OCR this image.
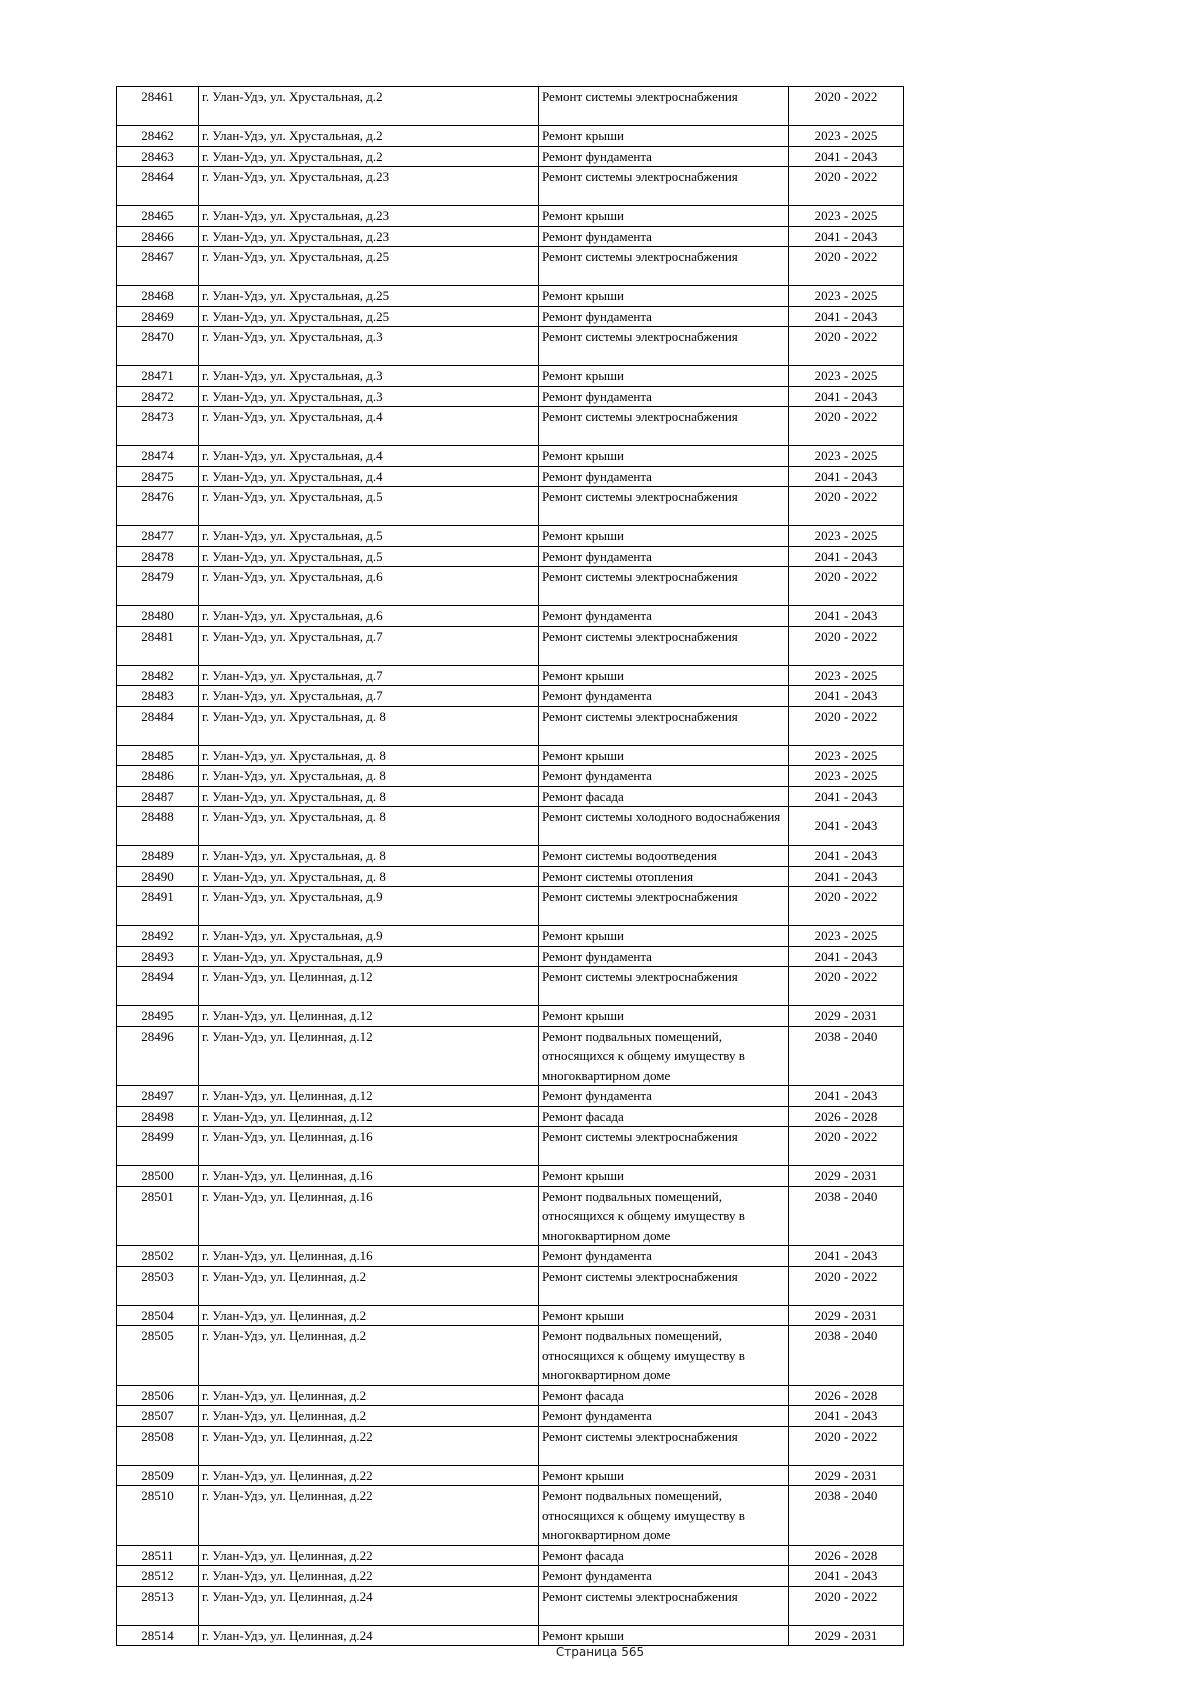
28461	г. Улан-Удэ, ул. Хрустальная, д.2	Ремонт системы электроснабжения	2020 - 2022
28462	г. Улан-Удэ, ул. Хрустальная, д.2	Ремонт крыши	2023 - 2025
28463	г. Улан-Удэ, ул. Хрустальная, д.2	Ремонт фундамента	2041 - 2043
28464	г. Улан-Удэ, ул. Хрустальная, д.23	Ремонт системы электроснабжения	2020 - 2022
28465	г. Улан-Удэ, ул. Хрустальная, д.23	Ремонт крыши	2023 - 2025
28466	г. Улан-Удэ, ул. Хрустальная, д.23	Ремонт фундамента	2041 - 2043
28467	г. Улан-Удэ, ул. Хрустальная, д.25	Ремонт системы электроснабжения	2020 - 2022
28468	г. Улан-Удэ, ул. Хрустальная, д.25	Ремонт крыши	2023 - 2025
28469	г. Улан-Удэ, ул. Хрустальная, д.25	Ремонт фундамента	2041 - 2043
28470	г. Улан-Удэ, ул. Хрустальная, д.3	Ремонт системы электроснабжения	2020 - 2022
28471	г. Улан-Удэ, ул. Хрустальная, д.3	Ремонт крыши	2023 - 2025
28472	г. Улан-Удэ, ул. Хрустальная, д.3	Ремонт фундамента	2041 - 2043
28473	г. Улан-Удэ, ул. Хрустальная, д.4	Ремонт системы электроснабжения	2020 - 2022
28474	г. Улан-Удэ, ул. Хрустальная, д.4	Ремонт крыши	2023 - 2025
28475	г. Улан-Удэ, ул. Хрустальная, д.4	Ремонт фундамента	2041 - 2043
28476	г. Улан-Удэ, ул. Хрустальная, д.5	Ремонт системы электроснабжения	2020 - 2022
28477	г. Улан-Удэ, ул. Хрустальная, д.5	Ремонт крыши	2023 - 2025
28478	г. Улан-Удэ, ул. Хрустальная, д.5	Ремонт фундамента	2041 - 2043
28479	г. Улан-Удэ, ул. Хрустальная, д.6	Ремонт системы электроснабжения	2020 - 2022
28480	г. Улан-Удэ, ул. Хрустальная, д.6	Ремонт фундамента	2041 - 2043
28481	г. Улан-Удэ, ул. Хрустальная, д.7	Ремонт системы электроснабжения	2020 - 2022
28482	г. Улан-Удэ, ул. Хрустальная, д.7	Ремонт крыши	2023 - 2025
28483	г. Улан-Удэ, ул. Хрустальная, д.7	Ремонт фундамента	2041 - 2043
28484	г. Улан-Удэ, ул. Хрустальная, д. 8	Ремонт системы электроснабжения	2020 - 2022
28485	г. Улан-Удэ, ул. Хрустальная, д. 8	Ремонт крыши	2023 - 2025
28486	г. Улан-Удэ, ул. Хрустальная, д. 8	Ремонт фундамента	2023 - 2025
28487	г. Улан-Удэ, ул. Хрустальная, д. 8	Ремонт фасада	2041 - 2043
28488	г. Улан-Удэ, ул. Хрустальная, д. 8	Ремонт системы холодного водоснабжения	2041 - 2043
28489	г. Улан-Удэ, ул. Хрустальная, д. 8	Ремонт системы водоотведения	2041 - 2043
28490	г. Улан-Удэ, ул. Хрустальная, д. 8	Ремонт системы отопления	2041 - 2043
28491	г. Улан-Удэ, ул. Хрустальная, д.9	Ремонт системы электроснабжения	2020 - 2022
28492	г. Улан-Удэ, ул. Хрустальная, д.9	Ремонт крыши	2023 - 2025
28493	г. Улан-Удэ, ул. Хрустальная, д.9	Ремонт фундамента	2041 - 2043
28494	г. Улан-Удэ, ул. Целинная, д.12	Ремонт системы электроснабжения	2020 - 2022
28495	г. Улан-Удэ, ул. Целинная, д.12	Ремонт крыши	2029 - 2031
28496	г. Улан-Удэ, ул. Целинная, д.12	Ремонт подвальных помещений, относящихся к общему имуществу в многоквартирном доме	2038 - 2040
28497	г. Улан-Удэ, ул. Целинная, д.12	Ремонт фундамента	2041 - 2043
28498	г. Улан-Удэ, ул. Целинная, д.12	Ремонт фасада	2026 - 2028
28499	г. Улан-Удэ, ул. Целинная, д.16	Ремонт системы электроснабжения	2020 - 2022
28500	г. Улан-Удэ, ул. Целинная, д.16	Ремонт крыши	2029 - 2031
28501	г. Улан-Удэ, ул. Целинная, д.16	Ремонт подвальных помещений, относящихся к общему имуществу в многоквартирном доме	2038 - 2040
28502	г. Улан-Удэ, ул. Целинная, д.16	Ремонт фундамента	2041 - 2043
28503	г. Улан-Удэ, ул. Целинная, д.2	Ремонт системы электроснабжения	2020 - 2022
28504	г. Улан-Удэ, ул. Целинная, д.2	Ремонт крыши	2029 - 2031
28505	г. Улан-Удэ, ул. Целинная, д.2	Ремонт подвальных помещений, относящихся к общему имуществу в многоквартирном доме	2038 - 2040
28506	г. Улан-Удэ, ул. Целинная, д.2	Ремонт фасада	2026 - 2028
28507	г. Улан-Удэ, ул. Целинная, д.2	Ремонт фундамента	2041 - 2043
28508	г. Улан-Удэ, ул. Целинная, д.22	Ремонт системы электроснабжения	2020 - 2022
28509	г. Улан-Удэ, ул. Целинная, д.22	Ремонт крыши	2029 - 2031
28510	г. Улан-Удэ, ул. Целинная, д.22	Ремонт подвальных помещений, относящихся к общему имуществу в многоквартирном доме	2038 - 2040
28511	г. Улан-Удэ, ул. Целинная, д.22	Ремонт фасада	2026 - 2028
28512	г. Улан-Удэ, ул. Целинная, д.22	Ремонт фундамента	2041 - 2043
28513	г. Улан-Удэ, ул. Целинная, д.24	Ремонт системы электроснабжения	2020 - 2022
28514	г. Улан-Удэ, ул. Целинная, д.24	Ремонт крыши	2029 - 2031
Страница 565
